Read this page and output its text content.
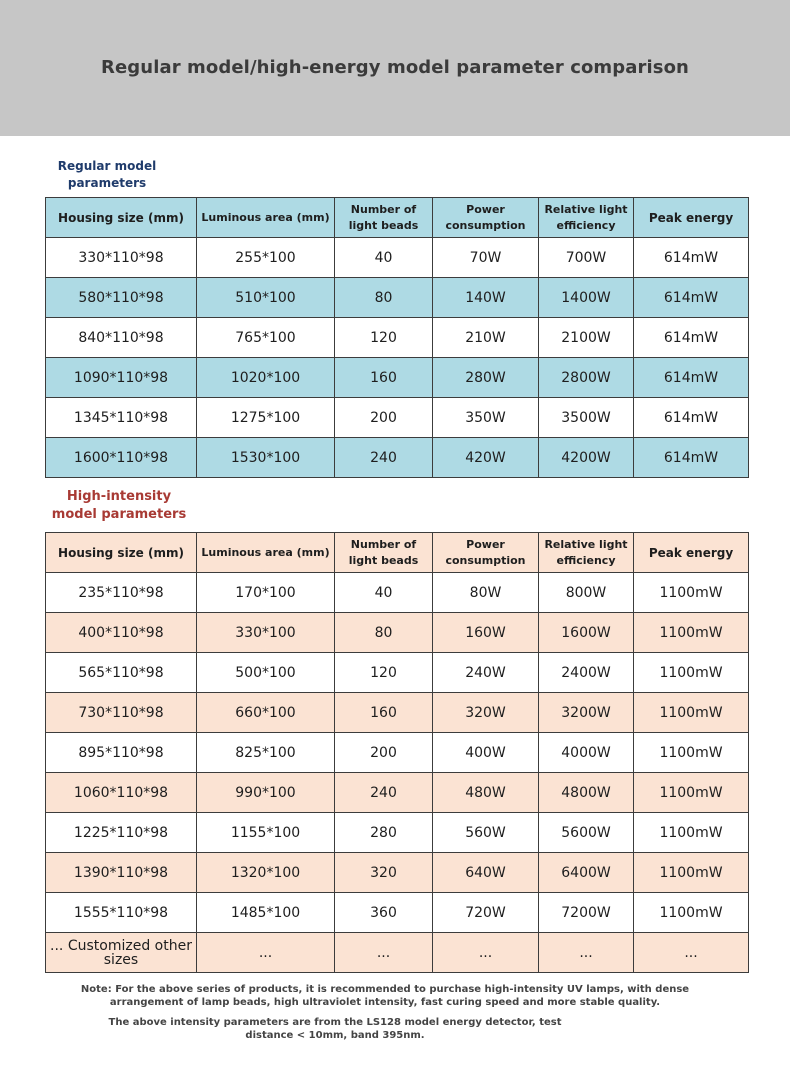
Regular model/high-energy model parameter comparison
Regular model parameters
Housing size (mm)	Luminous area (mm)	Number of light beads	Power consumption	Relative light efficiency	Peak energy
330*110*98	255*100	40	70W	700W	614mW
580*110*98	510*100	80	140W	1400W	614mW
840*110*98	765*100	120	210W	2100W	614mW
1090*110*98	1020*100	160	280W	2800W	614mW
1345*110*98	1275*100	200	350W	3500W	614mW
1600*110*98	1530*100	240	420W	4200W	614mW
High-intensity model parameters
Housing size (mm)	Luminous area (mm)	Number of light beads	Power consumption	Relative light efficiency	Peak energy
235*110*98	170*100	40	80W	800W	1100mW
400*110*98	330*100	80	160W	1600W	1100mW
565*110*98	500*100	120	240W	2400W	1100mW
730*110*98	660*100	160	320W	3200W	1100mW
895*110*98	825*100	200	400W	4000W	1100mW
1060*110*98	990*100	240	480W	4800W	1100mW
1225*110*98	1155*100	280	560W	5600W	1100mW
1390*110*98	1320*100	320	640W	6400W	1100mW
1555*110*98	1485*100	360	720W	7200W	1100mW
... Customized other sizes	...	...	...	...	...
Note: For the above series of products, it is recommended to purchase high-intensity UV lamps, with dense arrangement of lamp beads, high ultraviolet intensity, fast curing speed and more stable quality.
The above intensity parameters are from the LS128 model energy detector, test distance < 10mm, band 395nm.
